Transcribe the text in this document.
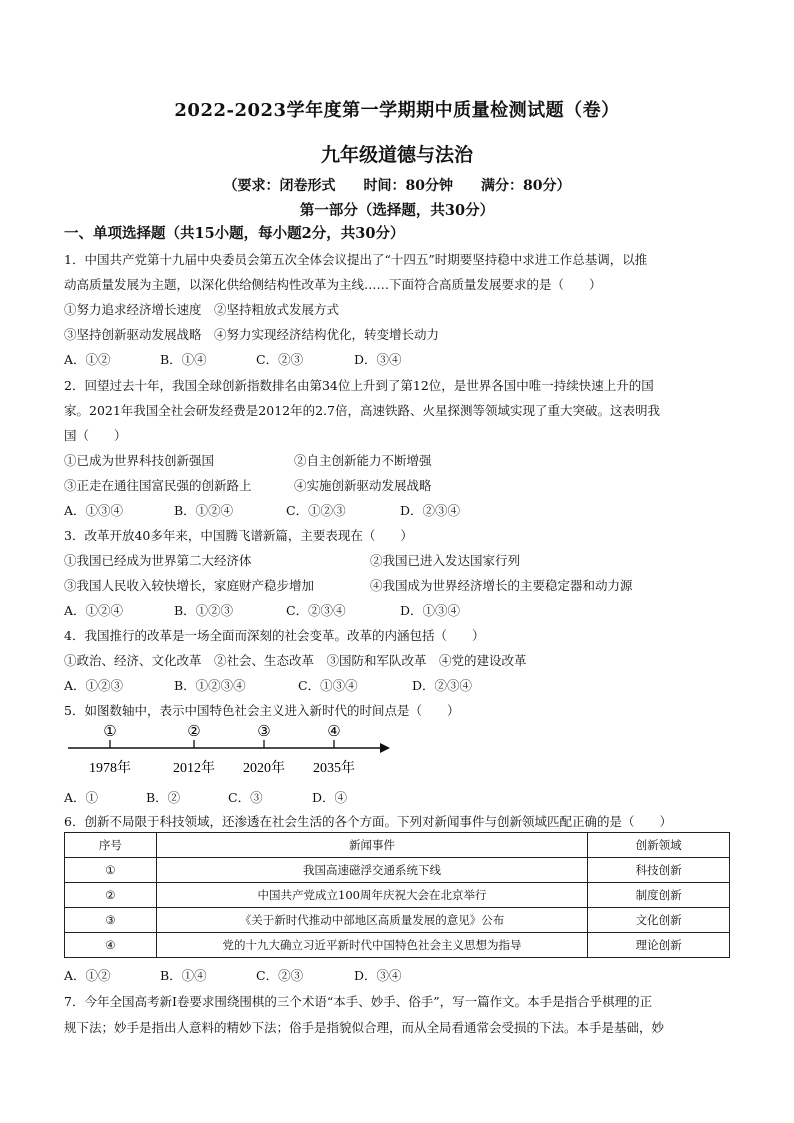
2022-2023学年度第一学期期中质量检测试题（卷）
九年级道德与法治
（要求：闭卷形式　　时间：80分钟　　满分：80分）
第一部分（选择题，共30分）
一、单项选择题（共15小题，每小题2分，共30分）
1．中国共产党第十九届中央委员会第五次全体会议提出了“十四五”时期要坚持稳中求进工作总基调，以推
动高质量发展为主题，以深化供给侧结构性改革为主线……下面符合高质量发展要求的是（　　）
①努力追求经济增长速度　②坚持粗放式发展方式
③坚持创新驱动发展战略　④努力实现经济结构优化，转变增长动力
A．①②	B．①④	C．②③	D．③④
2．回望过去十年，我国全球创新指数排名由第34位上升到了第12位，是世界各国中唯一持续快速上升的国
家。2021年我国全社会研发经费是2012年的2.7倍，高速铁路、火星探测等领域实现了重大突破。这表明我
国（　　）
①已成为世界科技创新强国	②自主创新能力不断增强
③正走在通往国富民强的创新路上	④实施创新驱动发展战略
A．①③④	B．①②④	C．①②③	D．②③④
3．改革开放40多年来，中国腾飞谱新篇，主要表现在（　　）
①我国已经成为世界第二大经济体	②我国已进入发达国家行列
③我国人民收入较快增长，家庭财产稳步增加	④我国成为世界经济增长的主要稳定器和动力源
A．①②④	B．①②③	C．②③④	D．①③④
4．我国推行的改革是一场全面而深刻的社会变革。改革的内涵包括（　　）
①政治、经济、文化改革　②社会、生态改革　③国防和军队改革　④党的建设改革
A．①②③	B．①②③④	C．①③④	D．②③④
5．如图数轴中，表示中国特色社会主义进入新时代的时间点是（　　）
①	②	③	④
1978年	2012年 2020年 2035年
A．①	B．②	C．③	D．④
6．创新不局限于科技领域，还渗透在社会生活的各个方面。下列对新闻事件与创新领域匹配正确的是（　　）
序号	新闻事件	创新领域
①	我国高速磁浮交通系统下线	科技创新
②	中国共产党成立100周年庆祝大会在北京举行	制度创新
③	《关于新时代推动中部地区高质量发展的意见》公布	文化创新
④	党的十九大确立习近平新时代中国特色社会主义思想为指导	理论创新
A．①②	B．①④	C．②③	D．③④
7．今年全国高考新Ⅰ卷要求围绕围棋的三个术语“本手、妙手、俗手”，写一篇作文。本手是指合乎棋理的正
规下法；妙手是指出人意料的精妙下法；俗手是指貌似合理，而从全局看通常会受损的下法。本手是基础，妙
